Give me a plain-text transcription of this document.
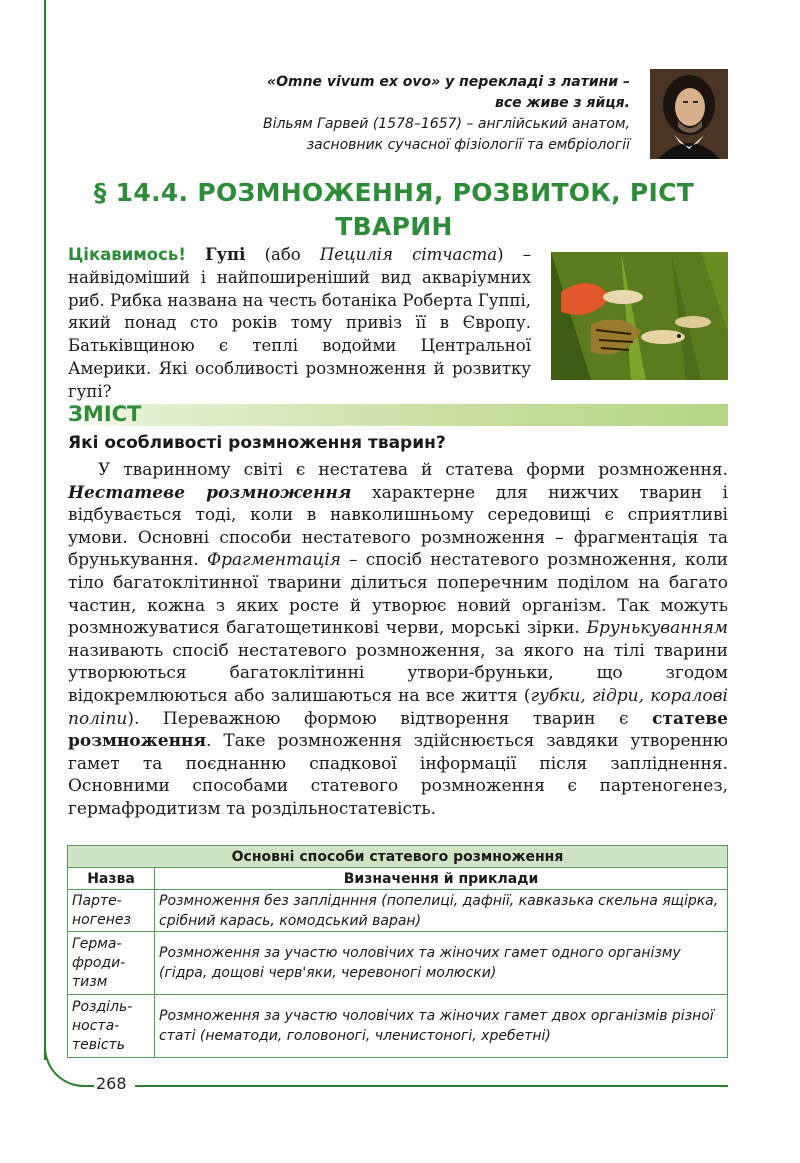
268
«Omne vivum ex ovo» у перекладі з латини –
все живе з яйця.
Вільям Гарвей (1578–1657) – англійський анатом,
засновник сучасної фізіології та ембріології
§ 14.4. РОЗМНОЖЕННЯ, РОЗВИТОК, РІСТ
ТВАРИН
Цікавимось! Гупі (або Пецилія сітчаста) – найвідоміший і найпоширеніший вид акваріумних риб. Рибка названа на честь ботаніка Роберта Гуппі, який понад сто років тому привіз її в Європу. Батьківщиною є теплі водойми Центральної Америки. Які особливості розмноження й розвитку гупі?
ЗМІСТ
Які особливості розмноження тварин?
У тваринному світі є нестатева й статева форми розмноження. Нестатеве розмноження характерне для нижчих тварин і відбувається тоді, коли в навколишньому середовищі є сприятливі умови. Основні способи нестатевого розмноження – фрагментація та брунькування. Фрагментація – спосіб нестатевого розмноження, коли тіло багатоклітинної тварини ділиться поперечним поділом на багато частин, кожна з яких росте й утворює новий організм. Так можуть розмножуватися багатощетинкові черви, морські зірки. Брунькуванням називають спосіб нестатевого розмноження, за якого на тілі тварини утворюються багатоклітинні утвори-бруньки, що згодом відокремлюються або залишаються на все життя (губки, гідри, коралові поліпи). Переважною формою відтворення тварин є статеве розмноження. Таке розмноження здійснюється завдяки утворенню гамет та поєднанню спадкової інформації після запліднення. Основними способами статевого розмноження є партеногенез, гермафродитизм та роздільностатевість.
Основні способи статевого розмноження	
Назва	Визначення й приклади

Парте-
ногенез	Розмноження без запліднння (попелиці, дафнії, кавказька скельна ящірка, срібний карась, комодський варан)

Герма-
фроди-
тизм	Розмноження за участю чоловічих та жіночих гамет одного організму (гідра, дощові черв'яки, черевоногі молюски)

Розділь-
носта-
тевість	Розмноження за участю чоловічих та жіночих гамет двох організмів різної статі (нематоди, головоногі, членистоногі, хребетні)
